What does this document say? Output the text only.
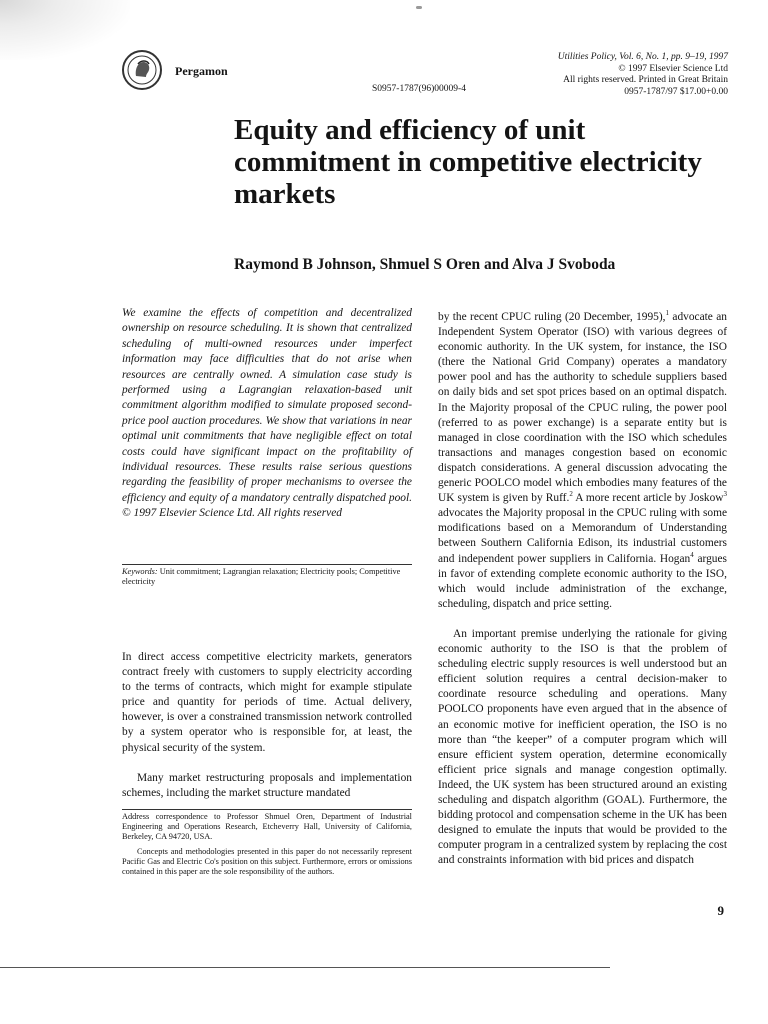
Pergamon
S0957-1787(96)00009-4
Utilities Policy, Vol. 6, No. 1, pp. 9–19, 1997
© 1997 Elsevier Science Ltd
All rights reserved. Printed in Great Britain
0957-1787/97 $17.00+0.00
Equity and efficiency of unit commitment in competitive electricity markets
Raymond B Johnson, Shmuel S Oren and Alva J Svoboda

We examine the effects of competition and decentralized ownership on resource scheduling. It is shown that centralized scheduling of multi-owned resources under imperfect information may face difficulties that do not arise when resources are centrally owned. A simulation case study is performed using a Lagrangian relaxation-based unit commitment algorithm modified to simulate proposed second-price pool auction procedures. We show that variations in near optimal unit commitments that have negligible effect on total costs could have significant impact on the profitability of individual resources. These results raise serious questions regarding the feasibility of proper mechanisms to oversee the efficiency and equity of a mandatory centrally dispatched pool. © 1997 Elsevier Science Ltd. All rights reserved

Keywords: Unit commitment; Lagrangian relaxation; Electricity pools; Competitive electricity

In direct access competitive electricity markets, generators contract freely with customers to supply electricity according to the terms of contracts, which might for example stipulate price and quantity for periods of time. Actual delivery, however, is over a constrained transmission network controlled by a system operator who is responsible for, at least, the physical security of the system.

Many market restructuring proposals and implementation schemes, including the market structure mandated

Address correspondence to Professor Shmuel Oren, Department of Industrial Engineering and Operations Research, Etcheverry Hall, University of California, Berkeley, CA 94720, USA.

Concepts and methodologies presented in this paper do not necessarily represent Pacific Gas and Electric Co's position on this subject. Furthermore, errors or omissions contained in this paper are the sole responsibility of the authors.

by the recent CPUC ruling (20 December, 1995),$^1$ advocate an Independent System Operator (ISO) with various degrees of economic authority. In the UK system, for instance, the ISO (there the National Grid Company) operates a mandatory power pool and has the authority to schedule suppliers based on daily bids and set spot prices based on an optimal dispatch. In the Majority proposal of the CPUC ruling, the power pool (referred to as power exchange) is a separate entity but is managed in close coordination with the ISO which schedules transactions and manages congestion based on economic dispatch considerations. A general discussion advocating the generic POOLCO model which embodies many features of the UK system is given by Ruff.$^2$ A more recent article by Joskow$^3$ advocates the Majority proposal in the CPUC ruling with some modifications based on a Memorandum of Understanding between Southern California Edison, its industrial customers and independent power suppliers in California. Hogan$^4$ argues in favor of extending complete economic authority to the ISO, which would include administration of the exchange, scheduling, dispatch and price setting.

An important premise underlying the rationale for giving economic authority to the ISO is that the problem of scheduling electric supply resources is well understood but an efficient solution requires a central decision-maker to coordinate resource scheduling and operations. Many POOLCO proponents have even argued that in the absence of an economic motive for inefficient operation, the ISO is no more than “the keeper” of a computer program which will ensure efficient system operation, determine economically efficient price signals and manage congestion optimally. Indeed, the UK system has been structured around an existing scheduling and dispatch algorithm (GOAL). Furthermore, the bidding protocol and compensation scheme in the UK has been designed to emulate the inputs that would be provided to the computer program in a centralized system by replacing the cost and constraints information with bid prices and dispatch

9
